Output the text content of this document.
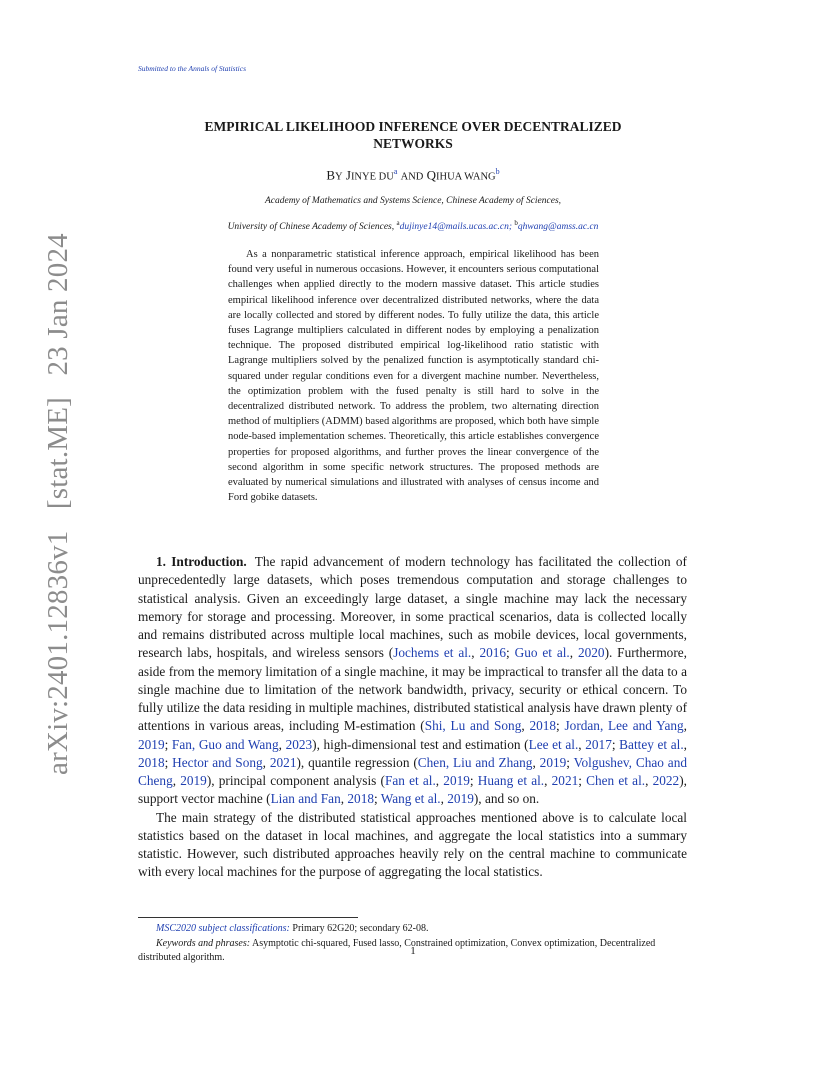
Submitted to the Annals of Statistics
arXiv:2401.12836v1 [stat.ME] 23 Jan 2024
EMPIRICAL LIKELIHOOD INFERENCE OVER DECENTRALIZED
NETWORKS
BY JINYE $DU^a$ AND QIHUA WANG$^b$
Academy of Mathematics and Systems Science, Chinese Academy of Sciences,
University of Chinese Academy of Sciences, $^a$dujinye14@mails.ucas.ac.cn; $^b$qhwang@amss.ac.cn

As a nonparametric statistical inference approach, empirical likelihood has been found very useful in numerous occasions. However, it encounters serious computational challenges when applied directly to the modern massive dataset. This article studies empirical likelihood inference over decentralized distributed networks, where the data are locally collected and stored by different nodes. To fully utilize the data, this article fuses Lagrange multipliers calculated in different nodes by employing a penalization technique. The proposed distributed empirical log-likelihood ratio statistic with Lagrange multipliers solved by the penalized function is asymptotically standard chi-squared under regular conditions even for a divergent machine number. Nevertheless, the optimization problem with the fused penalty is still hard to solve in the decentralized distributed network. To address the problem, two alternating direction method of multipliers (ADMM) based algorithms are proposed, which both have simple node-based implementation schemes. Theoretically, this article establishes convergence properties for proposed algorithms, and further proves the linear convergence of the second algorithm in some specific network structures. The proposed methods are evaluated by numerical simulations and illustrated with analyses of census income and Ford gobike datasets.

1. Introduction. The rapid advancement of modern technology has facilitated the collection of unprecedentedly large datasets, which poses tremendous computation and storage challenges to statistical analysis. Given an exceedingly large dataset, a single machine may lack the necessary memory for storage and processing. Moreover, in some practical scenarios, data is collected locally and remains distributed across multiple local machines, such as mobile devices, local governments, research labs, hospitals, and wireless sensors (Jochems et al., 2016; Guo et al., 2020). Furthermore, aside from the memory limitation of a single machine, it may be impractical to transfer all the data to a single machine due to limitation of the network bandwidth, privacy, security or ethical concern. To fully utilize the data residing in multiple machines, distributed statistical analysis have drawn plenty of attentions in various areas, including M-estimation (Shi, Lu and Song, 2018; Jordan, Lee and Yang, 2019; Fan, Guo and Wang, 2023), high-dimensional test and estimation (Lee et al., 2017; Battey et al., 2018; Hector and Song, 2021), quantile regression (Chen, Liu and Zhang, 2019; Volgushev, Chao and Cheng, 2019), principal component analysis (Fan et al., 2019; Huang et al., 2021; Chen et al., 2022), support vector machine (Lian and Fan, 2018; Wang et al., 2019), and so on.

The main strategy of the distributed statistical approaches mentioned above is to calculate local statistics based on the dataset in local machines, and aggregate the local statistics into a summary statistic. However, such distributed approaches heavily rely on the central machine to communicate with every local machines for the purpose of aggregating the local statistics.

MSC2020 subject classifications: Primary 62G20; secondary 62-08.

Keywords and phrases: Asymptotic chi-squared, Fused lasso, Constrained optimization, Convex optimization, Decentralized distributed algorithm.

1
